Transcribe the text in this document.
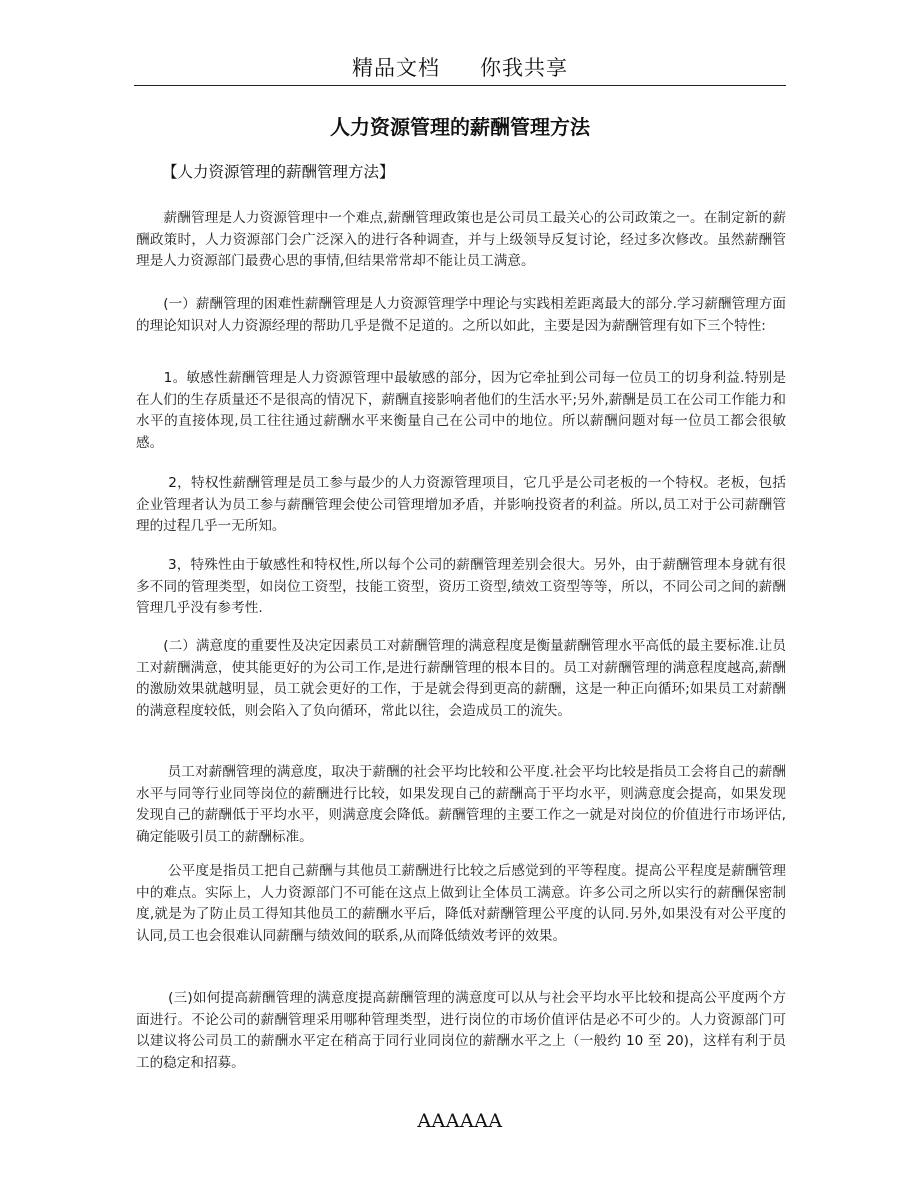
精品文档 你我共享
人力资源管理的薪酬管理方法
【人力资源管理的薪酬管理方法】
　　薪酬管理是人力资源管理中一个难点,薪酬管理政策也是公司员工最关心的公司政策之一。在制定新的薪酬政策时，人力资源部门会广泛深入的进行各种调查，并与上级领导反复讨论，经过多次修改。虽然薪酬管理是人力资源部门最费心思的事情,但结果常常却不能让员工满意。
　　(一）薪酬管理的困难性薪酬管理是人力资源管理学中理论与实践相差距离最大的部分.学习薪酬管理方面的理论知识对人力资源经理的帮助几乎是微不足道的。之所以如此，主要是因为薪酬管理有如下三个特性:
　　1。敏感性薪酬管理是人力资源管理中最敏感的部分，因为它牵扯到公司每一位员工的切身利益.特别是在人们的生存质量还不是很高的情况下，薪酬直接影响者他们的生活水平;另外,薪酬是员工在公司工作能力和水平的直接体现,员工往往通过薪酬水平来衡量自己在公司中的地位。所以薪酬问题对每一位员工都会很敏感。
　　 2，特权性薪酬管理是员工参与最少的人力资源管理项目，它几乎是公司老板的一个特权。老板，包括企业管理者认为员工参与薪酬管理会使公司管理增加矛盾，并影响投资者的利益。所以,员工对于公司薪酬管理的过程几乎一无所知。
　　 3，特殊性由于敏感性和特权性,所以每个公司的薪酬管理差别会很大。另外，由于薪酬管理本身就有很多不同的管理类型，如岗位工资型，技能工资型，资历工资型,绩效工资型等等，所以，不同公司之间的薪酬管理几乎没有参考性.
　　(二）满意度的重要性及决定因素员工对薪酬管理的满意程度是衡量薪酬管理水平高低的最主要标准.让员工对薪酬满意，使其能更好的为公司工作,是进行薪酬管理的根本目的。员工对薪酬管理的满意程度越高,薪酬的激励效果就越明显，员工就会更好的工作，于是就会得到更高的薪酬，这是一种正向循环;如果员工对薪酬的满意程度较低，则会陷入了负向循环，常此以往，会造成员工的流失。
　　 员工对薪酬管理的满意度，取决于薪酬的社会平均比较和公平度.社会平均比较是指员工会将自己的薪酬水平与同等行业同等岗位的薪酬进行比较，如果发现自己的薪酬高于平均水平，则满意度会提高，如果发现发现自己的薪酬低于平均水平，则满意度会降低。薪酬管理的主要工作之一就是对岗位的价值进行市场评估,确定能吸引员工的薪酬标准。
　　 公平度是指员工把自己薪酬与其他员工薪酬进行比较之后感觉到的平等程度。提高公平程度是薪酬管理中的难点。实际上，人力资源部门不可能在这点上做到让全体员工满意。许多公司之所以实行的薪酬保密制度,就是为了防止员工得知其他员工的薪酬水平后，降低对薪酬管理公平度的认同.另外,如果没有对公平度的认同,员工也会很难认同薪酬与绩效间的联系,从而降低绩效考评的效果。
　　 (三)如何提高薪酬管理的满意度提高薪酬管理的满意度可以从与社会平均水平比较和提高公平度两个方面进行。不论公司的薪酬管理采用哪种管理类型，进行岗位的市场价值评估是必不可少的。人力资源部门可以建议将公司员工的薪酬水平定在稍高于同行业同岗位的薪酬水平之上（一般约 10 至 20)，这样有利于员工的稳定和招募。
AAAAAA
